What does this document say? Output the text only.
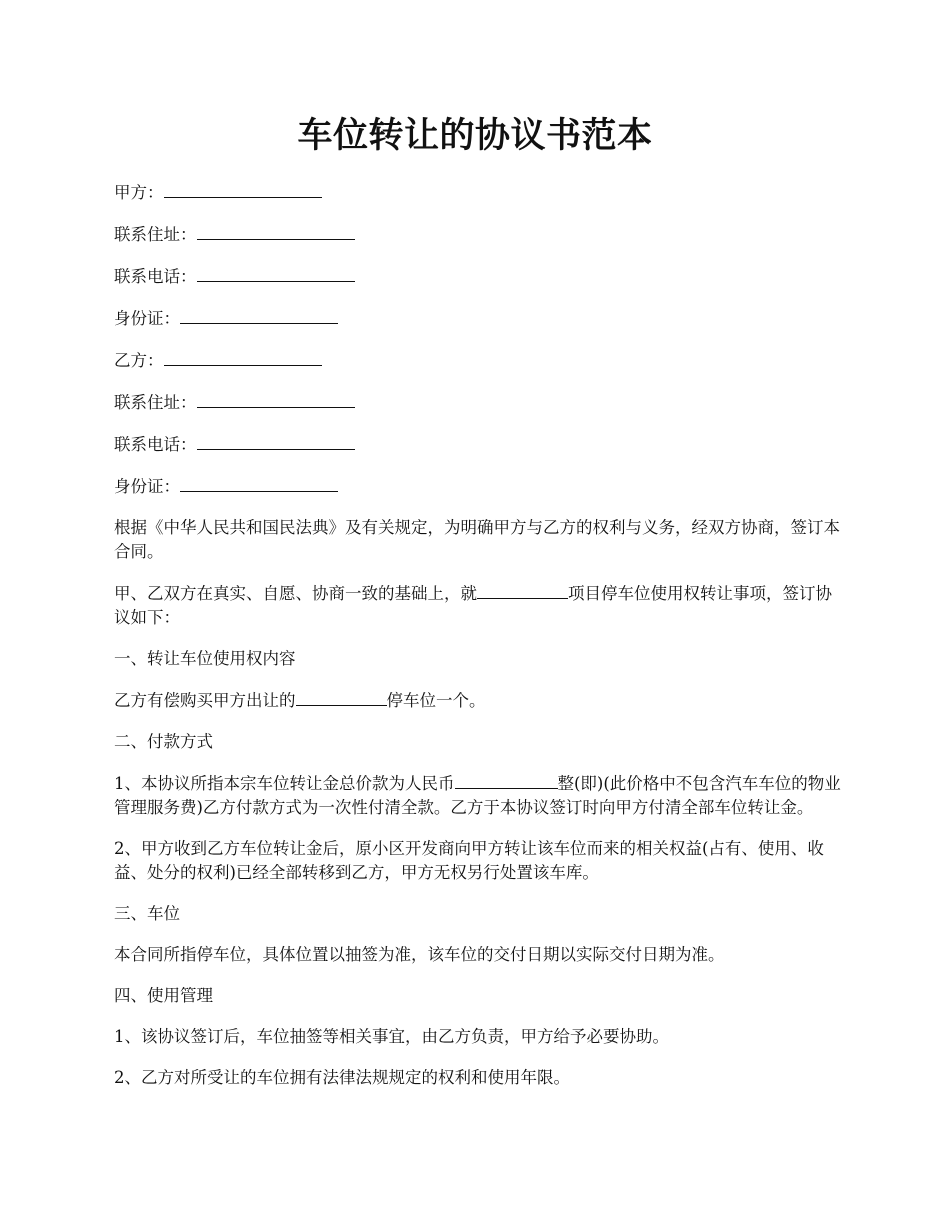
车位转让的协议书范本

甲方：

联系住址：

联系电话：

身份证：

乙方：

联系住址：

联系电话：

身份证：

根据《中华人民共和国民法典》及有关规定，为明确甲方与乙方的权利与义务，经双方协商，签订本合同。

甲、乙双方在真实、自愿、协商一致的基础上，就	项目停车位使用权转让事项，签订协议如下：

一、转让车位使用权内容

乙方有偿购买甲方出让的	停车位一个。

二、付款方式

1、本协议所指本宗车位转让金总价款为人民币	整(即)(此价格中不包含汽车车位的物业管理服务费)乙方付款方式为一次性付清全款。乙方于本协议签订时向甲方付清全部车位转让金。

2、甲方收到乙方车位转让金后，原小区开发商向甲方转让该车位而来的相关权益(占有、使用、收益、处分的权利)已经全部转移到乙方，甲方无权另行处置该车库。

三、车位

本合同所指停车位，具体位置以抽签为准，该车位的交付日期以实际交付日期为准。

四、使用管理

1、该协议签订后，车位抽签等相关事宜，由乙方负责，甲方给予必要协助。

2、乙方对所受让的车位拥有法律法规规定的权利和使用年限。
